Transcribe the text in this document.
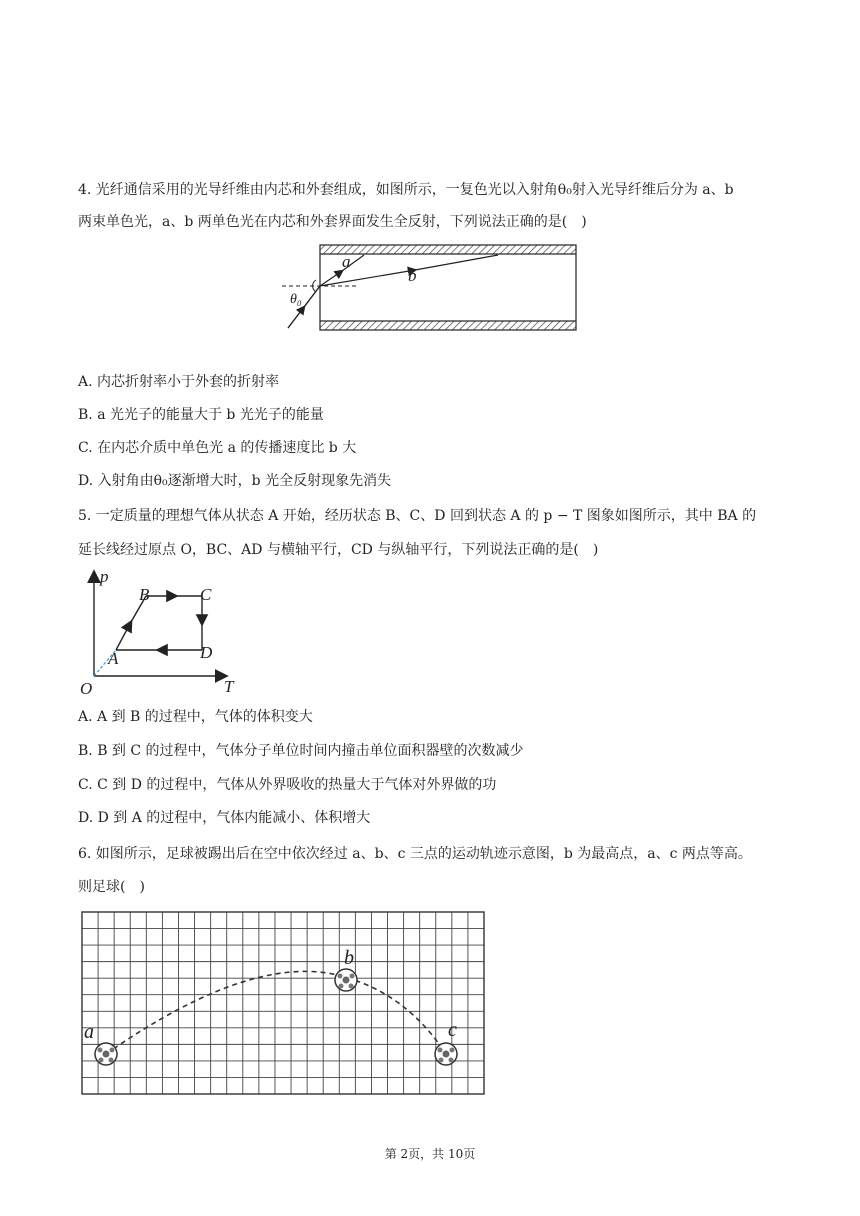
4. 光纤通信采用的光导纤维由内芯和外套组成，如图所示，一复色光以入射角θ₀射入光导纤维后分为 a、b
两束单色光，a、b 两单色光在内芯和外套界面发生全反射，下列说法正确的是(　)
a
b
θ₀
A. 内芯折射率小于外套的折射率
B. a 光光子的能量大于 b 光光子的能量
C. 在内芯介质中单色光 a 的传播速度比 b 大
D. 入射角由θ₀逐渐增大时，b 光全反射现象先消失
5. 一定质量的理想气体从状态 A 开始，经历状态 B、C、D 回到状态 A 的 p − T 图象如图所示，其中 BA 的
延长线经过原点 O，BC、AD 与横轴平行，CD 与纵轴平行，下列说法正确的是(　)
p
T
O
A
B	C
D
A. A 到 B 的过程中，气体的体积变大
B. B 到 C 的过程中，气体分子单位时间内撞击单位面积器壁的次数减少
C. C 到 D 的过程中，气体从外界吸收的热量大于气体对外界做的功
D. D 到 A 的过程中，气体内能减小、体积增大
6. 如图所示，足球被踢出后在空中依次经过 a、b、c 三点的运动轨迹示意图，b 为最高点，a、c 两点等高。
则足球(　)
a
b
c
第 2页，共 10页
